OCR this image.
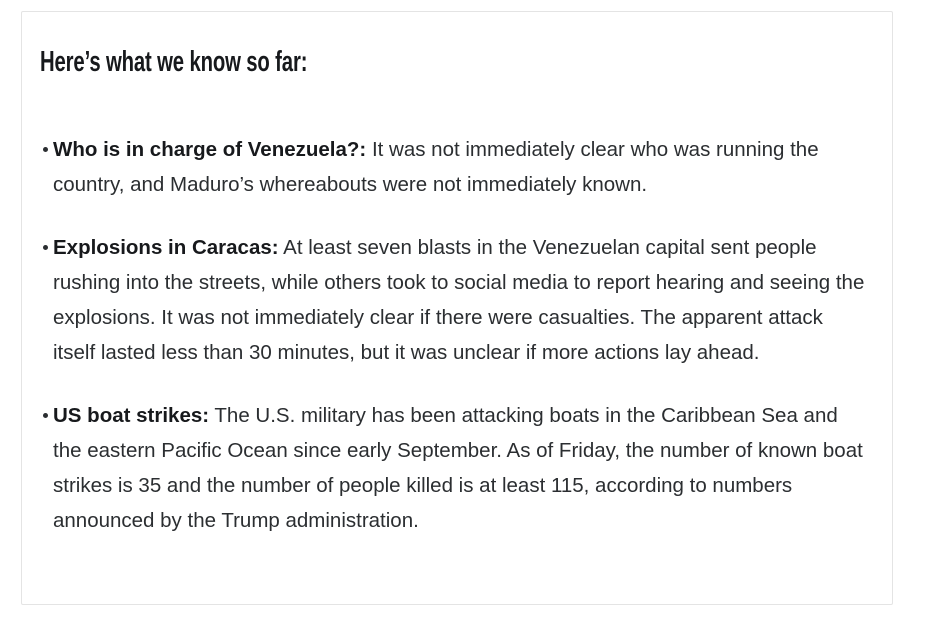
Here’s what we know so far:
Who is in charge of Venezuela?: It was not immediately clear who was running the country, and Maduro’s whereabouts were not immediately known.
Explosions in Caracas: At least seven blasts in the Venezuelan capital sent people rushing into the streets, while others took to social media to report hearing and seeing the explosions. It was not immediately clear if there were casualties. The apparent attack itself lasted less than 30 minutes, but it was unclear if more actions lay ahead.
US boat strikes: The U.S. military has been attacking boats in the Caribbean Sea and the eastern Pacific Ocean since early September. As of Friday, the number of known boat strikes is 35 and the number of people killed is at least 115, according to numbers announced by the Trump administration.
